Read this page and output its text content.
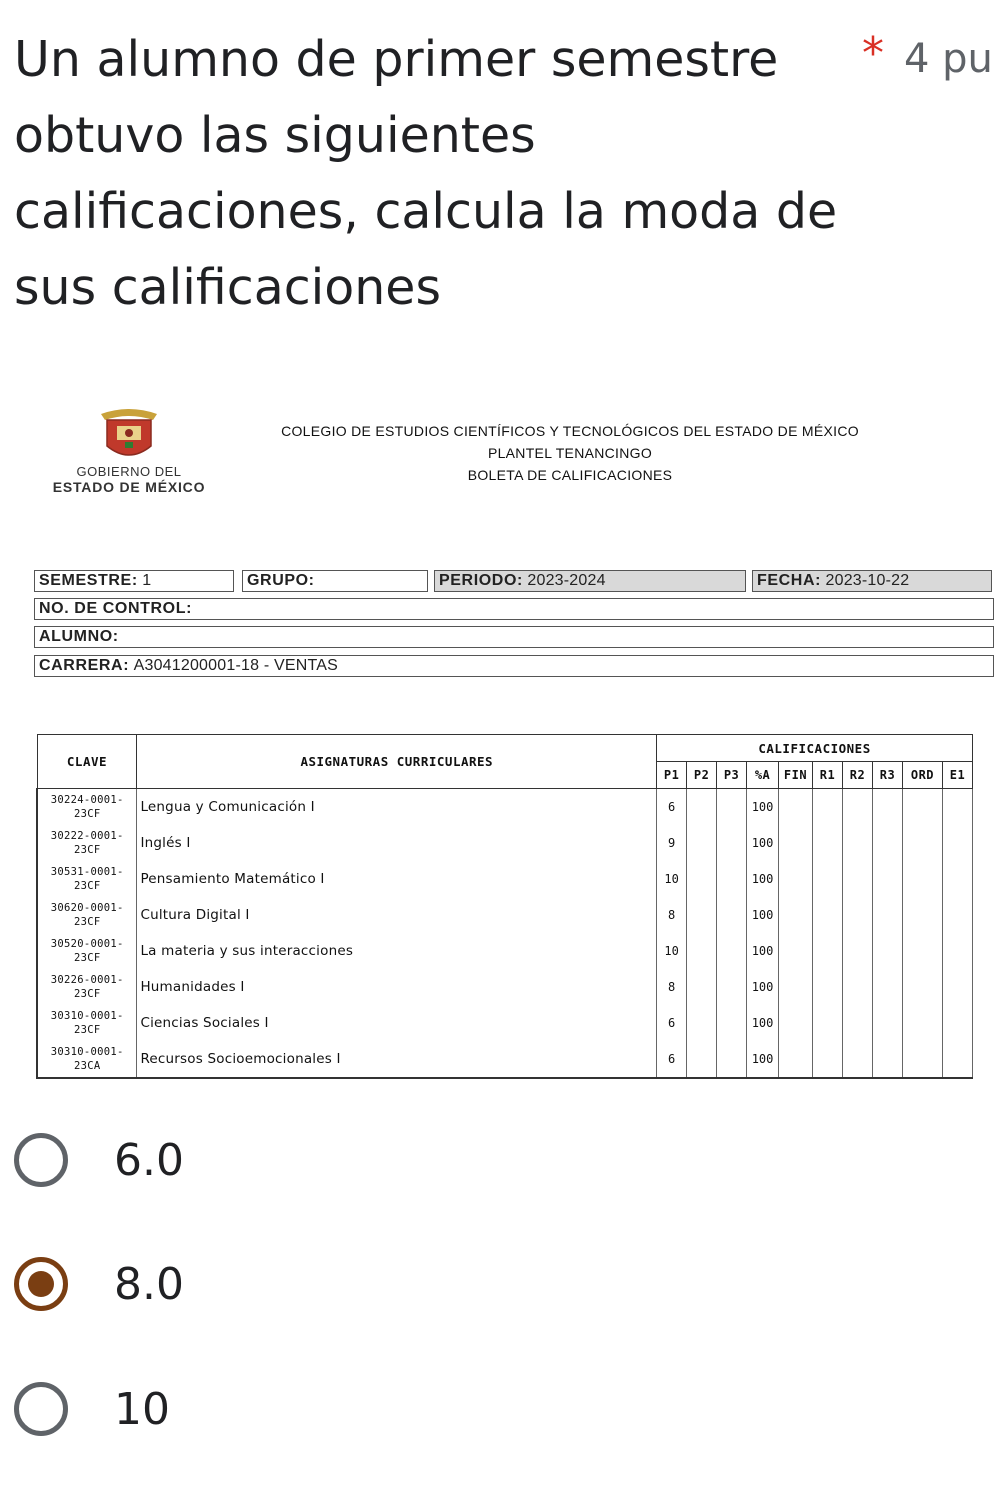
Un alumno de primer semestre obtuvo las siguientes calificaciones, calcula la moda de sus calificaciones
* 4 pu
GOBIERNO DEL
ESTADO DE MÉXICO
COLEGIO DE ESTUDIOS CIENTÍFICOS Y TECNOLÓGICOS DEL ESTADO DE MÉXICO
PLANTEL TENANCINGO
BOLETA DE CALIFICACIONES
SEMESTRE: 1	GRUPO:	PERIODO: 2023-2024	FECHA: 2023-10-22
NO. DE CONTROL:
ALUMNO:
CARRERA: A3041200001-18 - VENTAS
CLAVE	ASIGNATURAS CURRICULARES	CALIFICACIONES									
		P1	P2	P3	%A	FIN	R1	R2	R3	ORD	E1

30224-0001-
23CF	Lengua y Comunicación I	6			100						

30222-0001-
23CF	Inglés I	9			100						

30531-0001-
23CF	Pensamiento Matemático I	10			100						

30620-0001-
23CF	Cultura Digital I	8			100						

30520-0001-
23CF	La materia y sus interacciones	10			100						

30226-0001-
23CF	Humanidades I	8			100						

30310-0001-
23CF	Ciencias Sociales I	6			100						

30310-0001-
23CA	Recursos Socioemocionales I	6			100						
6.0
8.0
10
